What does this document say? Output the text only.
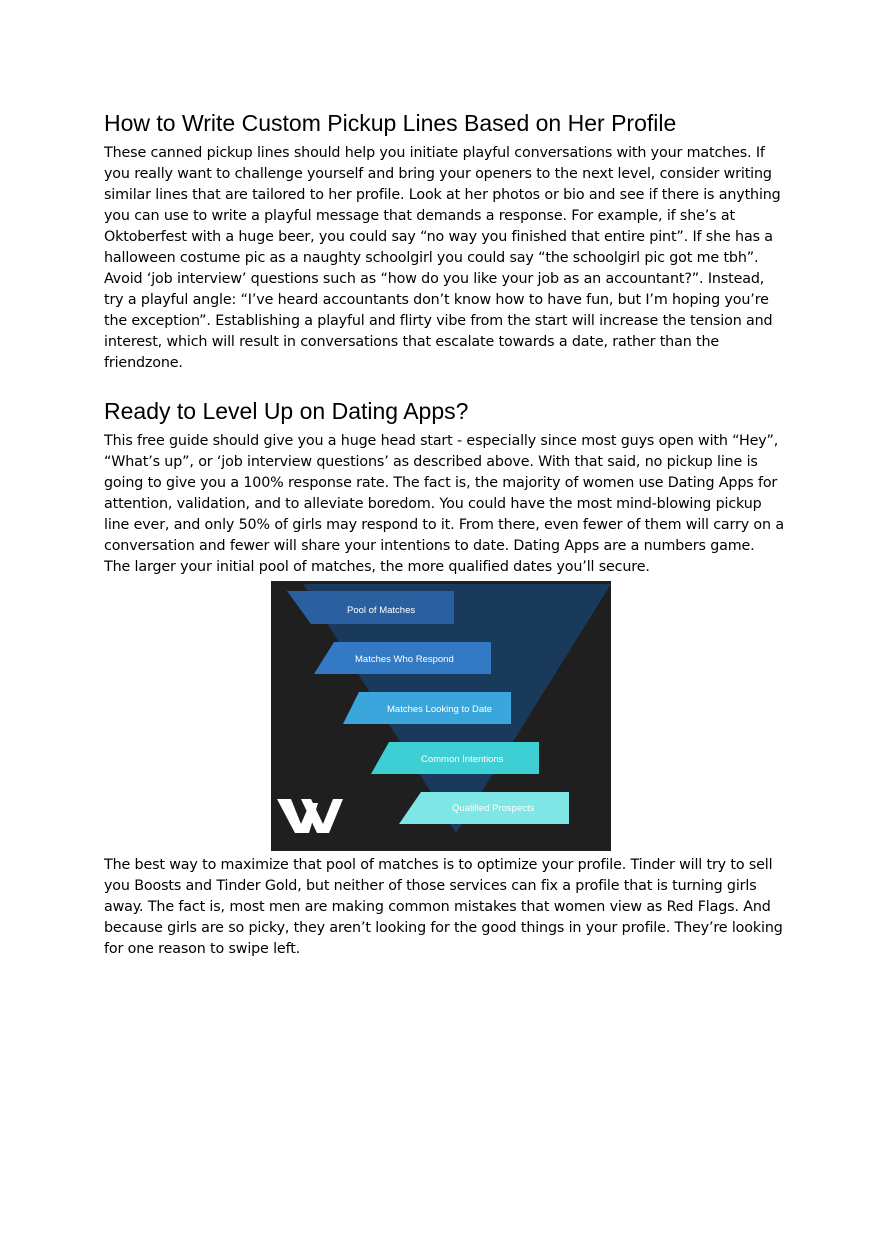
How to Write Custom Pickup Lines Based on Her Profile

These canned pickup lines should help you initiate playful conversations with your matches. If you really want to challenge yourself and bring your openers to the next level, consider writing similar lines that are tailored to her profile. Look at her photos or bio and see if there is anything you can use to write a playful message that demands a response. For example, if she’s at Oktoberfest with a huge beer, you could say “no way you finished that entire pint”. If she has a halloween costume pic as a naughty schoolgirl you could say “the schoolgirl pic got me tbh”. Avoid ‘job interview’ questions such as “how do you like your job as an accountant?”. Instead, try a playful angle: “I’ve heard accountants don’t know how to have fun, but I’m hoping you’re the exception”. Establishing a playful and flirty vibe from the start will increase the tension and interest, which will result in conversations that escalate towards a date, rather than the friendzone.

Ready to Level Up on Dating Apps?

This free guide should give you a huge head start - especially since most guys open with “Hey”, “What’s up”, or ‘job interview questions’ as described above. With that said, no pickup line is going to give you a 100% response rate. The fact is, the majority of women use Dating Apps for attention, validation, and to alleviate boredom. You could have the most mind-blowing pickup line ever, and only 50% of girls may respond to it. From there, even fewer of them will carry on a conversation and fewer will share your intentions to date. Dating Apps are a numbers game. The larger your initial pool of matches, the more qualified dates you’ll secure.

Pool of Matches
Matches Who Respond
Matches Looking to Date
Common Intentions
Qualified Prospects

The best way to maximize that pool of matches is to optimize your profile. Tinder will try to sell you Boosts and Tinder Gold, but neither of those services can fix a profile that is turning girls away. The fact is, most men are making common mistakes that women view as Red Flags. And because girls are so picky, they aren’t looking for the good things in your profile. They’re looking for one reason to swipe left.
